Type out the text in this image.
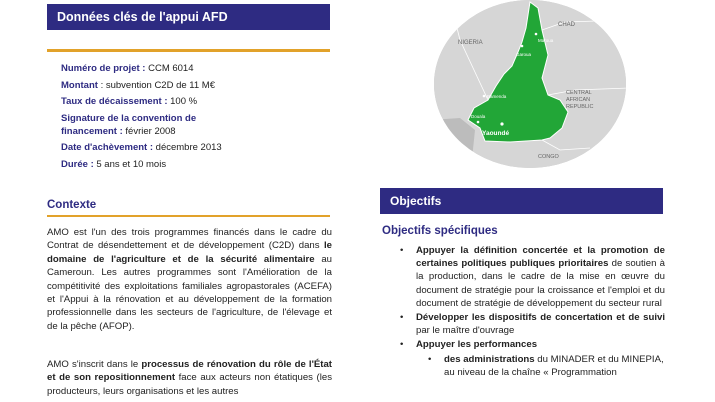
Données clés de l'appui AFD
Numéro de projet : CCM 6014
Montant : subvention C2D de 11 M€
Taux de décaissement : 100 %
Signature de la convention de financement : février 2008
Date d'achèvement : décembre 2013
Durée : 5 ans et 10 mois
Contexte
AMO est l'un des trois programmes financés dans le cadre du Contrat de désendettement et de développement (C2D) dans le domaine de l'agriculture et de la sécurité alimentaire au Cameroun. Les autres programmes sont l'Amélioration de la compétitivité des exploitations familiales agropastorales (ACEFA) et l'Appui à la rénovation et au développement de la formation professionnelle dans les secteurs de l'agriculture, de l'élevage et de la pêche (AFOP).
AMO s'inscrit dans le processus de rénovation du rôle de l'État et de son repositionnement face aux acteurs non étatiques (les producteurs, leurs organisations et les autres
NIGERIA
CHAD
CENTRAL
AFRICAN
REPUBLIC
CONGO
Maroua
Garoua
Bamenda
Douala
Yaoundé
Objectifs
Objectifs spécifiques
• Appuyer la définition concertée et la promotion de certaines politiques publiques prioritaires de soutien à la production, dans le cadre de la mise en œuvre du document de stratégie pour la croissance et l'emploi et du document de stratégie de développement du secteur rural
• Développer les dispositifs de concertation et de suivi par le maître d'ouvrage
• Appuyer les performances
• des administrations du MINADER et du MINEPIA,
au niveau de la chaîne « Programmation
